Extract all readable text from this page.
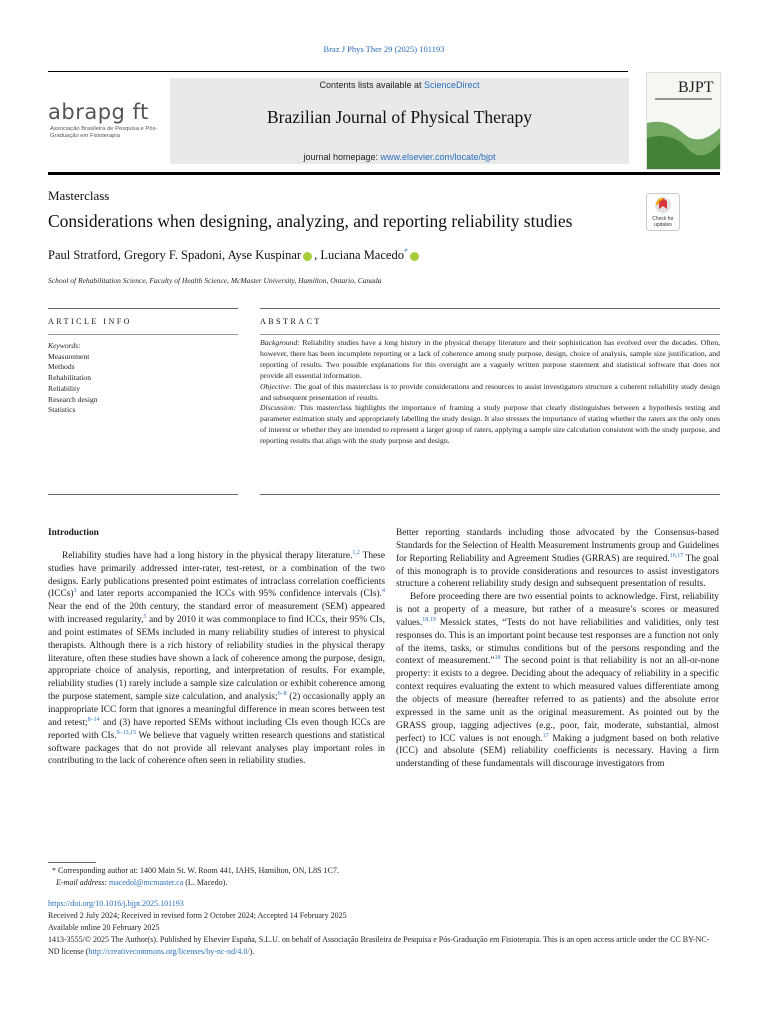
Braz J Phys Ther 29 (2025) 101193
abrapg ft
Associação Brasileira de Pesquisa e Pós-Graduação em Fisioterapia
Contents lists available at ScienceDirect
Brazilian Journal of Physical Therapy
journal homepage: www.elsevier.com/locate/bjpt
BJPT
Masterclass
Considerations when designing, analyzing, and reporting reliability studies	Check for
updates
Paul Stratford, Gregory F. Spadoni, Ayse Kuspinar , Luciana Macedo*
School of Rehabilitation Science, Faculty of Health Science, McMaster University, Hamilton, Ontario, Canada
ARTICLE INFO	ABSTRACT
Keywords:
Measurement
Methods
Rehabilitation
Reliability
Research design
Statistics

Background: Reliability studies have a long history in the physical therapy literature and their sophistication has evolved over the decades. Often, however, there has been incomplete reporting or a lack of coherence among study purpose, design, choice of analysis, sample size justification, and reporting of results. Two possible explanations for this oversight are a vaguely written purpose statement and statistical software that does not provide all essential information.

Objective: The goal of this masterclass is to provide considerations and resources to assist investigators structure a coherent reliability study design and subsequent presentation of results.

Discussion: This masterclass highlights the importance of framing a study purpose that clearly distinguishes between a hypothesis testing and parameter estimation study and appropriately labelling the study design. It also stresses the importance of stating whether the raters are the only ones of interest or whether they are intended to represent a larger group of raters, applying a sample size calculation consistent with the study purpose, and reporting results that align with the study purpose and design.

Introduction

Reliability studies have had a long history in the physical therapy literature.$^{1,2}$ These studies have primarily addressed inter-rater, test-retest, or a combination of the two designs. Early publications presented point estimates of intraclass correlation coefficients (ICCs)$^3$ and later reports accompanied the ICCs with 95% confidence intervals (CIs).$^4$ Near the end of the 20th century, the standard error of measurement (SEM) appeared with increased regularity,$^5$ and by 2010 it was commonplace to find ICCs, their 95% CIs, and point estimates of SEMs included in many reliability studies of interest to physical therapists. Although there is a rich history of reliability studies in the physical therapy literature, often these studies have shown a lack of coherence among the purpose, design, appropriate choice of analysis, reporting, and interpretation of results. For example, reliability studies (1) rarely include a sample size calculation or exhibit coherence among the purpose statement, sample size calculation, and analysis;$^{6-8}$ (2) occasionally apply an inappropriate ICC form that ignores a meaningful difference in mean scores between test and retest;$^{8-14}$ and (3) have reported SEMs without including CIs even though ICCs are reported with CIs.$^{9-13,15}$ We believe that vaguely written research questions and statistical software packages that do not provide all relevant analyses play important roles in contributing to the lack of coherence often seen in reliability studies.

Better reporting standards including those advocated by the Consensus-based Standards for the Selection of Health Measurement Instruments group and Guidelines for Reporting Reliability and Agreement Studies (GRRAS) are required.$^{16,17}$ The goal of this monograph is to provide considerations and resources to assist investigators structure a coherent reliability study design and subsequent presentation of results.

Before proceeding there are two essential points to acknowledge. First, reliability is not a property of a measure, but rather of a measure’s scores or measured values.$^{18,19}$ Messick states, “Tests do not have reliabilities and validities, only test responses do. This is an important point because test responses are a function not only of the items, tasks, or stimulus conditions but of the persons responding and the context of measurement.”$^{18}$ The second point is that reliability is not an all-or-none property: it exists to a degree. Deciding about the adequacy of reliability in a specific context requires evaluating the extent to which measured values differentiate among the objects of measure (hereafter referred to as patients) and the absolute error expressed in the same unit as the original measurement. As pointed out by the GRASS group, tagging adjectives (e.g., poor, fair, moderate, substantial, almost perfect) to ICC values is not enough.$^{17}$ Making a judgment based on both relative (ICC) and absolute (SEM) reliability coefficients is necessary. Having a firm understanding of these fundamentals will discourage investigators from

* Corresponding author at: 1400 Main St. W. Room 441, IAHS, Hamilton, ON, L8S 1C7.
E-mail address: macedol@mcmaster.ca (L. Macedo).

https://doi.org/10.1016/j.bjpt.2025.101193

Received 2 July 2024; Received in revised form 2 October 2024; Accepted 14 February 2025

Available online 20 February 2025

1413-3555/© 2025 The Author(s). Published by Elsevier España, S.L.U. on behalf of Associação Brasileira de Pesquisa e Pós-Graduação em Fisioterapia. This is an open access article under the CC BY-NC-ND license (http://creativecommons.org/licenses/by-nc-nd/4.0/).
